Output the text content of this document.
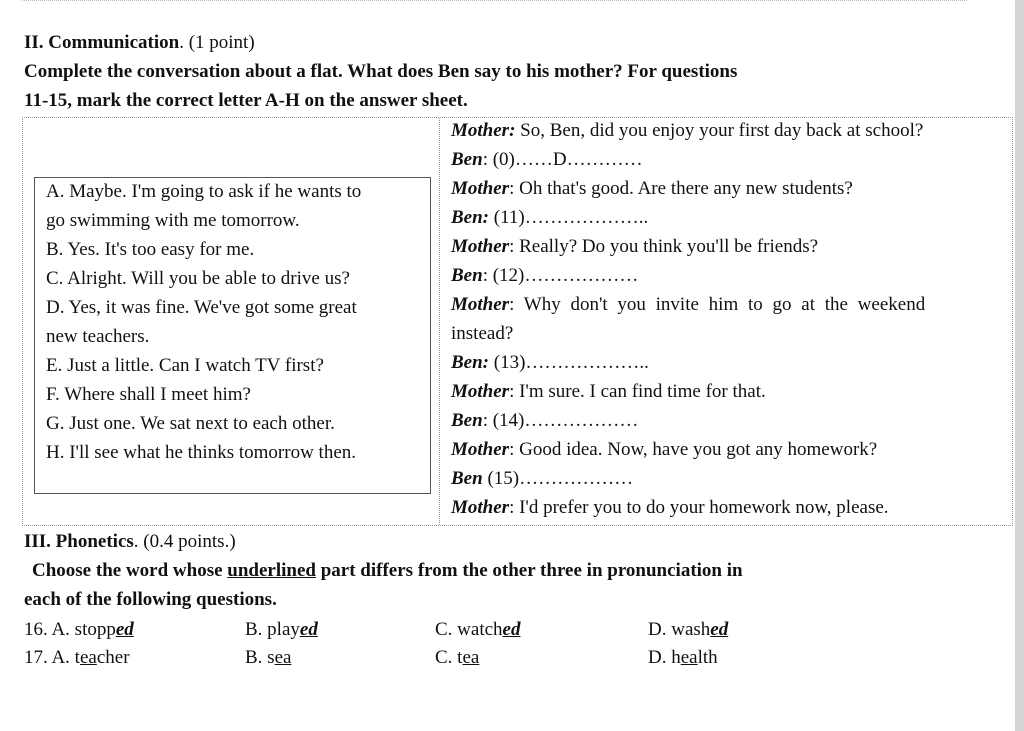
II. Communication. (1 point)
Complete the conversation about a flat. What does Ben say to his mother? For questions
11-15, mark the correct letter A-H on the answer sheet.
A. Maybe. I'm going to ask if he wants to
go swimming with me tomorrow.
B. Yes. It's too easy for me.
C. Alright. Will you be able to drive us?
D. Yes, it was fine. We've got some great
new teachers.
E. Just a little. Can I watch TV first?
F. Where shall I meet him?
G. Just one. We sat next to each other.
H. I'll see what he thinks tomorrow then.
Mother: So, Ben, did you enjoy your first day back at school?
Ben: (0)……D…………
Mother: Oh that's good. Are there any new students?
Ben: (11)………………..
Mother: Really? Do you think you'll be friends?
Ben: (12)………………
Mother: Why don't you invite him to go at the weekend
instead?
Ben: (13)………………..
Mother: I'm sure. I can find time for that.
Ben: (14)………………
Mother: Good idea. Now, have you got any homework?
Ben (15)………………
Mother: I'd prefer you to do your homework now, please.
III. Phonetics. (0.4 points.)
Choose the word whose underlined part differs from the other three in pronunciation in
each of the following questions.
16. A. stopped	B. played	C. watched	D. washed
17. A. teacher	B. sea	C. tea	D. health
